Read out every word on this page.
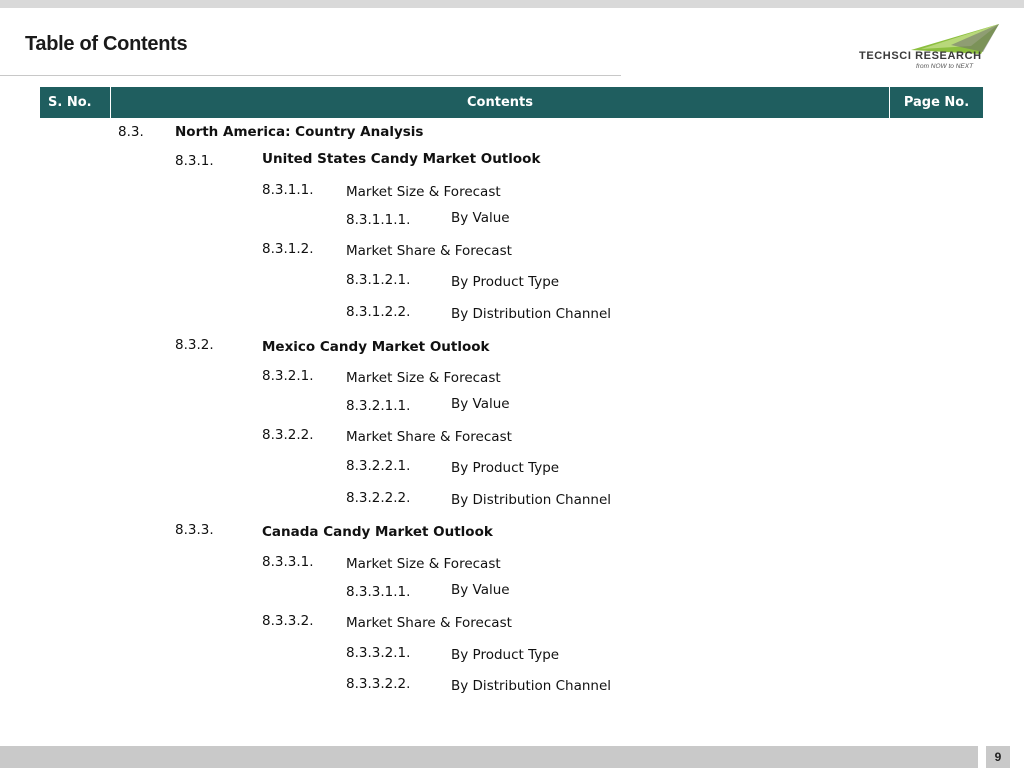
Table of Contents
TECHSCI RESEARCH
from NOW to NEXT
S. No.	Contents	Page No.
8.3. North America: Country Analysis
8.3.1.	United States Candy Market Outlook
8.3.1.1. Market Size & Forecast
8.3.1.1.1.	By Value
8.3.1.2. Market Share & Forecast
8.3.1.2.1.	By Product Type
8.3.1.2.2.	By Distribution Channel
8.3.2.	Mexico Candy Market Outlook
8.3.2.1. Market Size & Forecast
8.3.2.1.1.	By Value
8.3.2.2. Market Share & Forecast
8.3.2.2.1.	By Product Type
8.3.2.2.2.	By Distribution Channel
8.3.3.	Canada Candy Market Outlook
8.3.3.1. Market Size & Forecast
8.3.3.1.1.	By Value
8.3.3.2. Market Share & Forecast
8.3.3.2.1.	By Product Type
8.3.3.2.2.	By Distribution Channel
9
